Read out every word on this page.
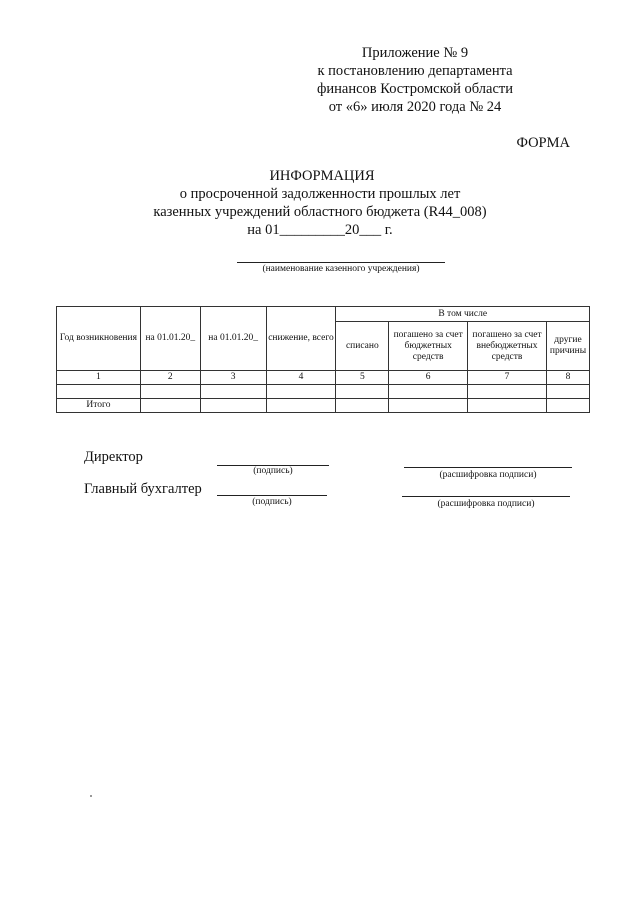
Приложение № 9
к постановлению департамента
финансов Костромской области
от «6» июля 2020 года № 24
ФОРМА
ИНФОРМАЦИЯ
о просроченной задолженности прошлых лет
казенных учреждений областного бюджета (R44_008)
на 01_________20___ г.
(наименование казенного учреждения)
Год возникновения	на 01.01.20_	на 01.01.20_	снижение, всего	В том числе			
				списано	погашено за счет бюджетных средств	погашено за счет внебюджетных средств	другие причины
1	2	3	4	5	6	7	8

Итого							
Директор
(подпись)	(расшифровка подписи)
Главный бухгалтер
(подпись)	(расшифровка подписи)
